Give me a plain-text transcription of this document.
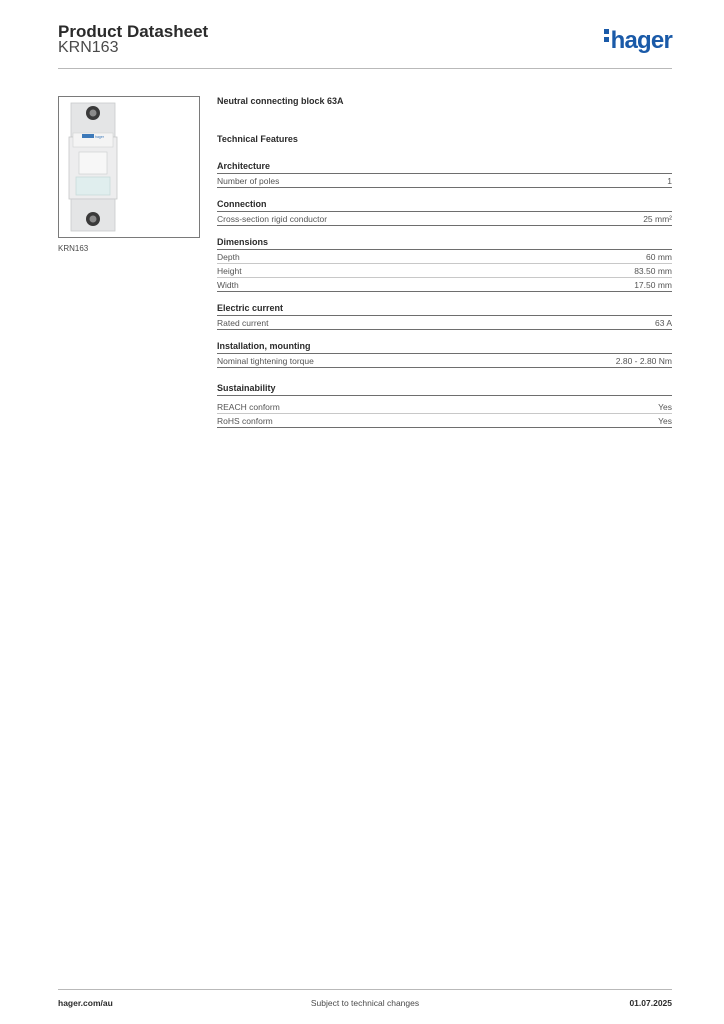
Product Datasheet
KRN163	hager
hager
KRN163
Neutral connecting block 63A
Technical Features
Architecture
Number of poles	1
Connection
Cross-section rigid conductor	25 mm²
Dimensions
Depth	60 mm
Height	83.50 mm
Width	17.50 mm
Electric current
Rated current	63 A
Installation, mounting
Nominal tightening torque	2.80 - 2.80 Nm
Sustainability
REACH conform	Yes
RoHS conform	Yes
hager.com/au	Subject to technical changes	01.07.2025
